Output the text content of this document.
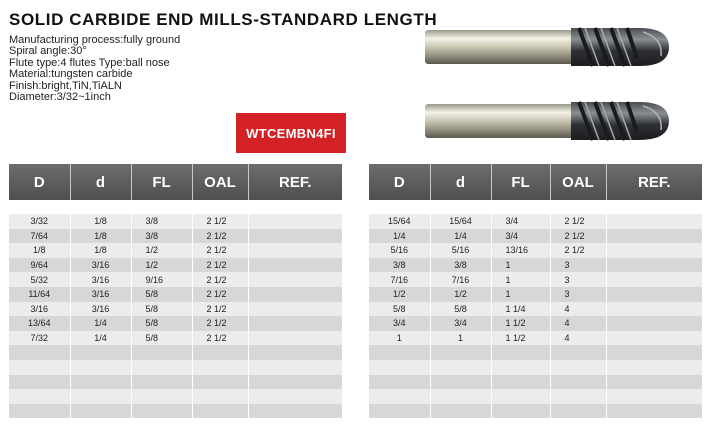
SOLID CARBIDE END MILLS-STANDARD LENGTH
Manufacturing process:fully ground
Spiral angle:30°
Flute type:4 flutes Type:ball nose
Material:tungsten carbide
Finish:bright,TiN,TiALN
Diameter:3/32~1inch
WTCEMBN4FI
D	d	FL	OAL	REF.

3/32	1/8	3/8	2 1/2	
7/64	1/8	3/8	2 1/2	
1/8	1/8	1/2	2 1/2	
9/64	3/16	1/2	2 1/2	
5/32	3/16	9/16	2 1/2	
11/64	3/16	5/8	2 1/2	
3/16	3/16	5/8	2 1/2	
13/64	1/4	5/8	2 1/2	
7/32	1/4	5/8	2 1/2	

D	d	FL	OAL	REF.

15/64	15/64	3/4	2 1/2	
1/4	1/4	3/4	2 1/2	
5/16	5/16	13/16	2 1/2	
3/8	3/8	1	3	
7/16	7/16	1	3	
1/2	1/2	1	3	
5/8	5/8	1 1/4	4	
3/4	3/4	1 1/2	4	
1	1	1 1/2	4	
